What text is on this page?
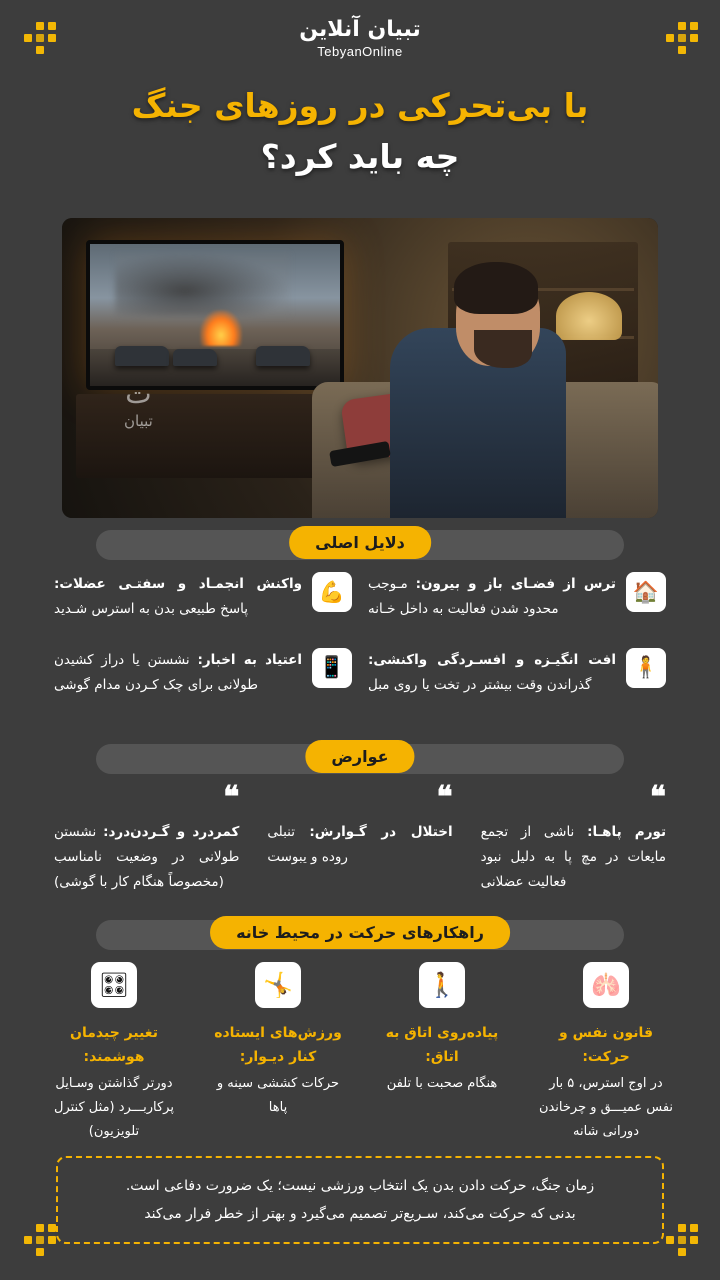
تبیان آنلاین
TebyanOnline
با بی‌تحرکی در روزهای جنگ
چه باید کرد؟
ت
تبیان
دلایل اصلی
🏠
ترس از فضـای باز و بیرون: مـوجب محدود شدن فعالیت به داخل خـانه
💪
واکنش انجمـاد و سفتـی عضلات: پاسخ طبیعی بدن به استرس شـدید
🧍
افت انگیـزه و افسـردگی واکنشی: گذراندن وقت بیشتر در تخت یا روی مبل
📱
اعتیاد به اخبار: نشستن یا دراز کشیدن طولانی برای چک کـردن مدام گوشی
عوارض
❝
تورم پاهـا: ناشی از تجمع مایعات در مچ پا به دلیل نبود فعالیت عضلانی
❝
اختلال در گـوارش: تنبلی روده و یبوست
❝
کمردرد و گـردن‌درد: نشستن طولانی در وضعیت نامناسب (مخصوصاً هنگام کار با گوشی)
راهکارهای حرکت در محیط خانه
🫁
قانون نفس و حرکت:
در اوج استرس، ۵ بار نفس عمیـــق و چرخاندن دورانی شانه
🚶
پیاده‌روی اتاق به اتاق:
هنگام صحبت با تلفن
🤸
ورزش‌های ایستاده کنار دیـوار:
حرکات کششی سینه و پاها
🎛
تغییر چیدمان هوشمند:
دورتر گذاشتن وسـایل پرکاربـــرد (مثل کنترل تلویزیون)

زمان جنگ، حرکت دادن بدن یک انتخاب ورزشی نیست؛ یک ضرورت دفاعی است.

بدنی که حرکت می‌کند، سـریع‌تر تصمیم می‌گیرد و بهتر از خطر فرار می‌کند
